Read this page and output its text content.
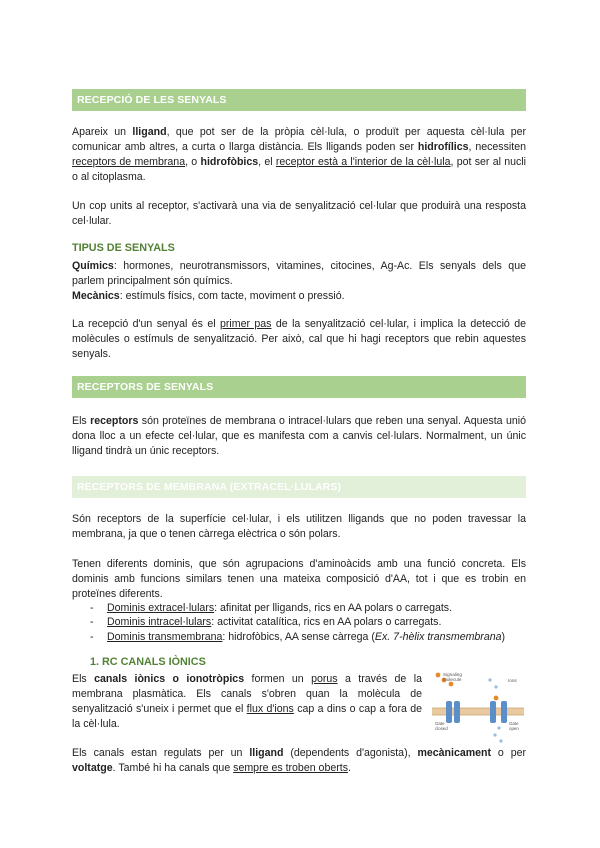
RECEPCIÓ DE LES SENYALS

Apareix un lligand, que pot ser de la pròpia cèl·lula, o produït per aquesta cèl·lula per comunicar amb altres, a curta o llarga distància. Els lligands poden ser hidrofílics, necessiten receptors de membrana, o hidrofòbics, el receptor està a l'interior de la cèl·lula, pot ser al nucli o al citoplasma.

Un cop units al receptor, s'activarà una via de senyalització cel·lular que produirà una resposta cel·lular.

TIPUS DE SENYALS

Químics: hormones, neurotransmissors, vitamines, citocines, Ag-Ac. Els senyals dels que parlem principalment són químics.

Mecànics: estímuls físics, com tacte, moviment o pressió.

La recepció d'un senyal és el primer pas de la senyalització cel·lular, i implica la detecció de molècules o estímuls de senyalització. Per això, cal que hi hagi receptors que rebin aquestes senyals.

RECEPTORS DE SENYALS

Els receptors són proteïnes de membrana o intracel·lulars que reben una senyal. Aquesta unió dona lloc a un efecte cel·lular, que es manifesta com a canvis cel·lulars. Normalment, un únic lligand tindrà un únic receptors.

RECEPTORS DE MEMBRANA (EXTRACEL·LULARS)

Són receptors de la superfície cel·lular, i els utilitzen lligands que no poden travessar la membrana, ja que o tenen càrrega elèctrica o són polars.

Tenen diferents dominis, que són agrupacions d'aminoàcids amb una funció concreta. Els dominis amb funcions similars tenen una mateixa composició d'AA, tot i que es trobin en proteïnes diferents.

- Dominis extracel·lulars: afinitat per lligands, rics en AA polars o carregats.
- Dominis intracel·lulars: activitat catalítica, rics en AA polars o carregats.
- Dominis transmembrana: hidrofòbics, AA sense càrrega (Ex. 7-hèlix transmembrana)
1. RC CANALS IÒNICS

Els canals iònics o ionotròpics formen un porus a través de la membrana plasmàtica. Els canals s'obren quan la molècula de senyalització s'uneix i permet que el flux d'ions cap a dins o cap a fora de la cèl·lula.

Signaling
molecule	Ions
Gate
closed
Gate
open

Els canals estan regulats per un lligand (dependents d'agonista), mecànicament o per voltatge. També hi ha canals que sempre es troben oberts.
